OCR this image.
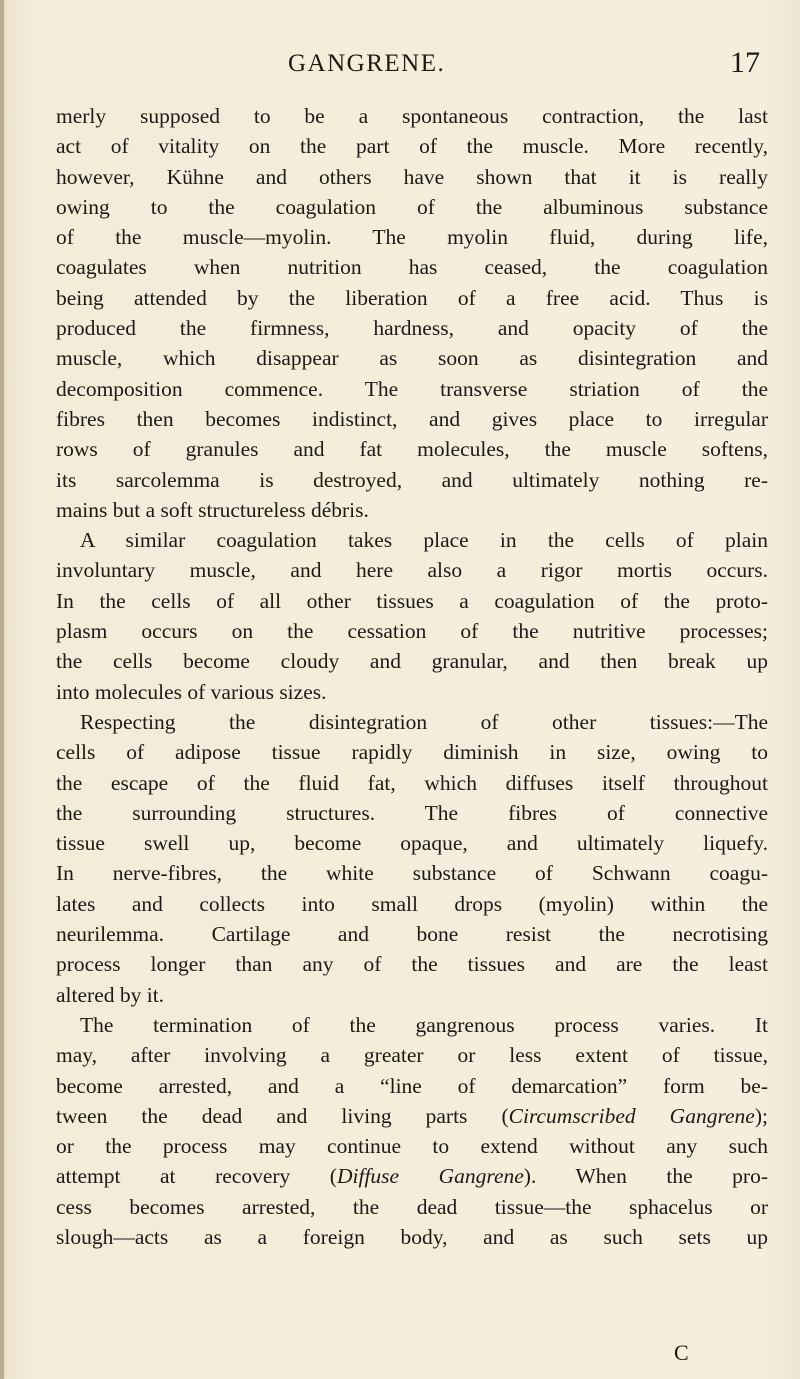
GANGRENE.	17
merly supposed to be a spontaneous contraction, the last
act of vitality on the part of the muscle. More recently,
however, Kühne and others have shown that it is really
owing to the coagulation of the albuminous substance
of the muscle—myolin. The myolin fluid, during life,
coagulates when nutrition has ceased, the coagulation
being attended by the liberation of a free acid. Thus is
produced the firmness, hardness, and opacity of the
muscle, which disappear as soon as disintegration and
decomposition commence. The transverse striation of the
fibres then becomes indistinct, and gives place to irregular
rows of granules and fat molecules, the muscle softens,
its sarcolemma is destroyed, and ultimately nothing re-
mains but a soft structureless débris.
A similar coagulation takes place in the cells of plain
involuntary muscle, and here also a rigor mortis occurs.
In the cells of all other tissues a coagulation of the proto-
plasm occurs on the cessation of the nutritive processes;
the cells become cloudy and granular, and then break up
into molecules of various sizes.
Respecting the disintegration of other tissues:—The
cells of adipose tissue rapidly diminish in size, owing to
the escape of the fluid fat, which diffuses itself throughout
the surrounding structures. The fibres of connective
tissue swell up, become opaque, and ultimately liquefy.
In nerve-fibres, the white substance of Schwann coagu-
lates and collects into small drops (myolin) within the
neurilemma. Cartilage and bone resist the necrotising
process longer than any of the tissues and are the least
altered by it.
The termination of the gangrenous process varies. It
may, after involving a greater or less extent of tissue,
become arrested, and a “line of demarcation” form be-
tween the dead and living parts (Circumscribed Gangrene);
or the process may continue to extend without any such
attempt at recovery (Diffuse Gangrene). When the pro-
cess becomes arrested, the dead tissue—the sphacelus or
slough—acts as a foreign body, and as such sets up
C
